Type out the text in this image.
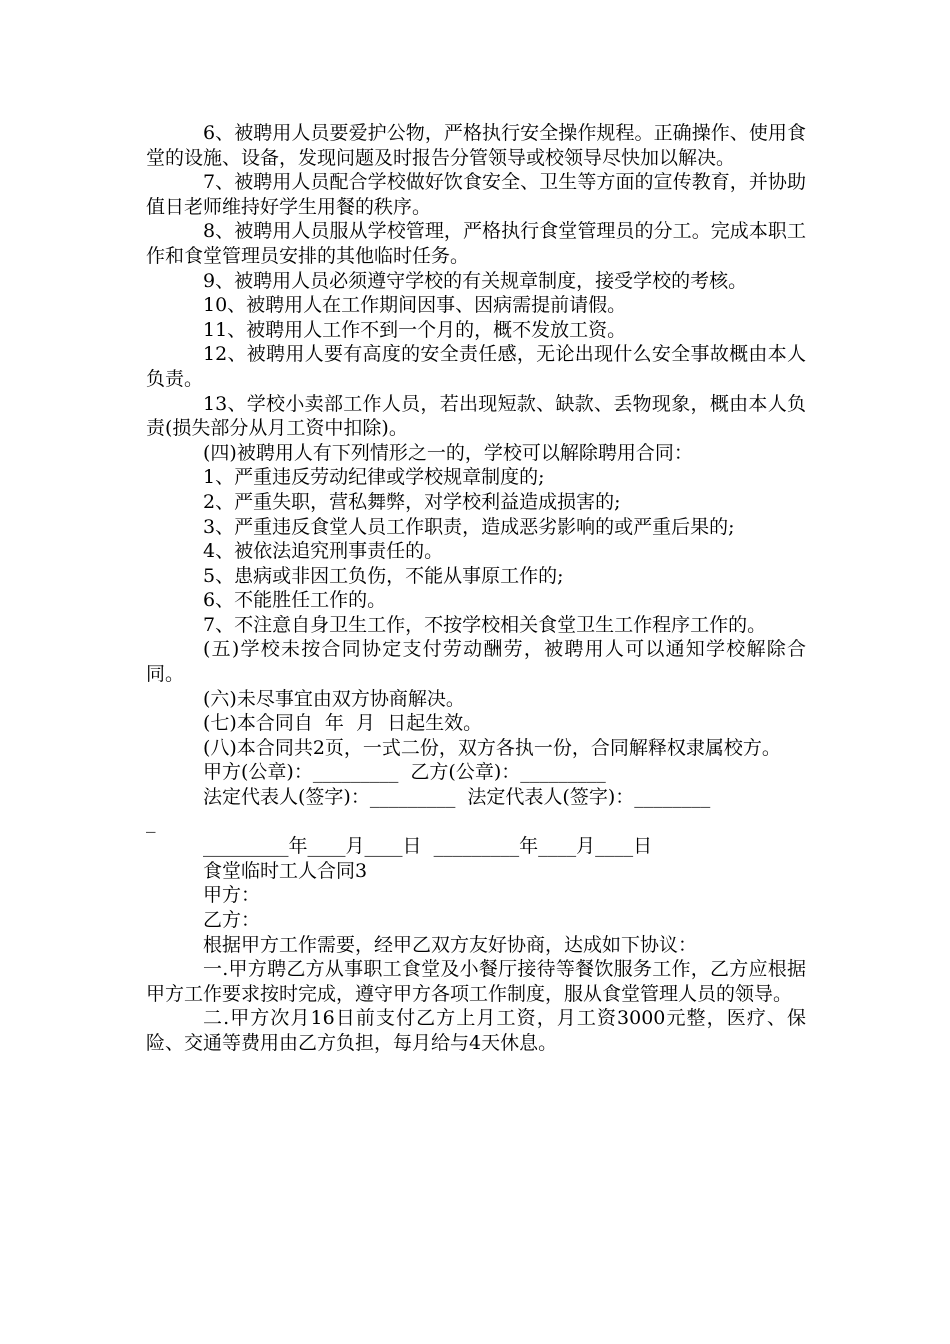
6、被聘用人员要爱护公物，严格执行安全操作规程。正确操作、使用食堂的设施、设备，发现问题及时报告分管领导或校领导尽快加以解决。

7、被聘用人员配合学校做好饮食安全、卫生等方面的宣传教育，并协助值日老师维持好学生用餐的秩序。

8、被聘用人员服从学校管理，严格执行食堂管理员的分工。完成本职工作和食堂管理员安排的其他临时任务。

9、被聘用人员必须遵守学校的有关规章制度，接受学校的考核。

10、被聘用人在工作期间因事、因病需提前请假。

11、被聘用人工作不到一个月的，概不发放工资。

12、被聘用人要有高度的安全责任感，无论出现什么安全事故概由本人负责。

13、学校小卖部工作人员，若出现短款、缺款、丢物现象，概由本人负责(损失部分从月工资中扣除)。

(四)被聘用人有下列情形之一的，学校可以解除聘用合同：

1、严重违反劳动纪律或学校规章制度的;

2、严重失职，营私舞弊，对学校利益造成损害的;

3、严重违反食堂人员工作职责，造成恶劣影响的或严重后果的;

4、被依法追究刑事责任的。

5、患病或非因工负伤，不能从事原工作的;

6、不能胜任工作的。

7、不注意自身卫生工作，不按学校相关食堂卫生工作程序工作的。

(五)学校未按合同协定支付劳动酬劳，被聘用人可以通知学校解除合同。

(六)未尽事宜由双方协商解决。

(七)本合同自  年  月  日起生效。

(八)本合同共2页，一式二份，双方各执一份，合同解释权隶属校方。

甲方(公章)：_________  乙方(公章)：_________

法定代表人(签字)：_________  法定代表人(签字)：________

_

_________年____月____日  _________年____月____日

食堂临时工人合同3

甲方：

乙方：

根据甲方工作需要，经甲乙双方友好协商，达成如下协议：

一.甲方聘乙方从事职工食堂及小餐厅接待等餐饮服务工作，乙方应根据甲方工作要求按时完成，遵守甲方各项工作制度，服从食堂管理人员的领导。

二.甲方次月16日前支付乙方上月工资，月工资3000元整，医疗、保险、交通等费用由乙方负担，每月给与4天休息。
